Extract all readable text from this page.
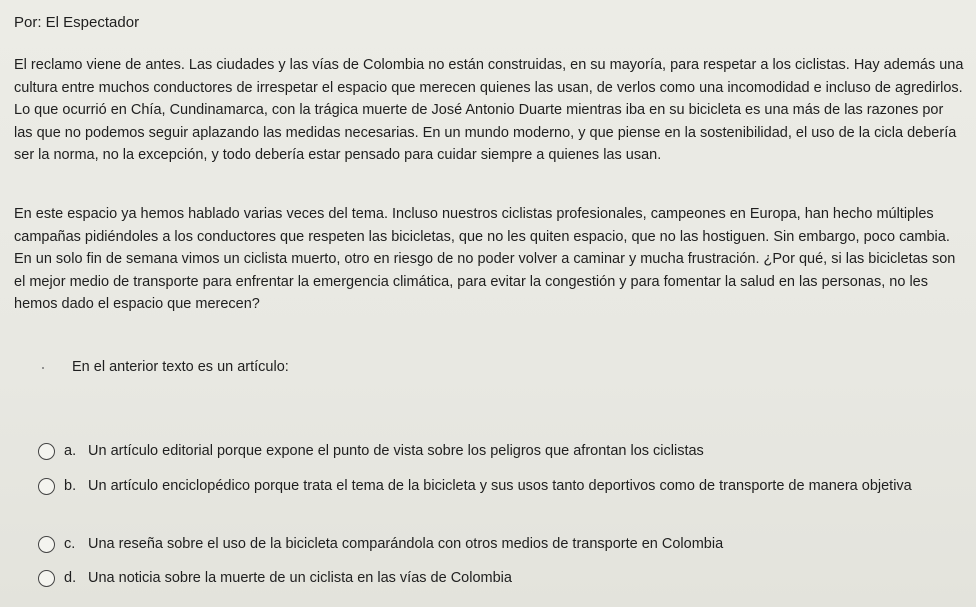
Por: El Espectador

El reclamo viene de antes. Las ciudades y las vías de Colombia no están construidas, en su mayoría, para respetar a los ciclistas. Hay además una cultura entre muchos conductores de irrespetar el espacio que merecen quienes las usan, de verlos como una incomodidad e incluso de agredirlos. Lo que ocurrió en Chía, Cundinamarca, con la trágica muerte de José Antonio Duarte mientras iba en su bicicleta es una más de las razones por las que no podemos seguir aplazando las medidas necesarias. En un mundo moderno, y que piense en la sostenibilidad, el uso de la cicla debería ser la norma, no la excepción, y todo debería estar pensado para cuidar siempre a quienes las usan.

En este espacio ya hemos hablado varias veces del tema. Incluso nuestros ciclistas profesionales, campeones en Europa, han hecho múltiples campañas pidiéndoles a los conductores que respeten las bicicletas, que no les quiten espacio, que no las hostiguen. Sin embargo, poco cambia. En un solo fin de semana vimos un ciclista muerto, otro en riesgo de no poder volver a caminar y mucha frustración. ¿Por qué, si las bicicletas son el mejor medio de transporte para enfrentar la emergencia climática, para evitar la congestión y para fomentar la salud en las personas, no les hemos dado el espacio que merecen?

En el anterior texto es un artículo:
a. Un artículo editorial porque expone el punto de vista sobre los peligros que afrontan los ciclistas
b. Un artículo enciclopédico porque trata el tema de la bicicleta y sus usos tanto deportivos como de transporte de manera objetiva
c. Una reseña sobre el uso de la bicicleta comparándola con otros medios de transporte en Colombia
d. Una noticia sobre la muerte de un ciclista en las vías de Colombia
